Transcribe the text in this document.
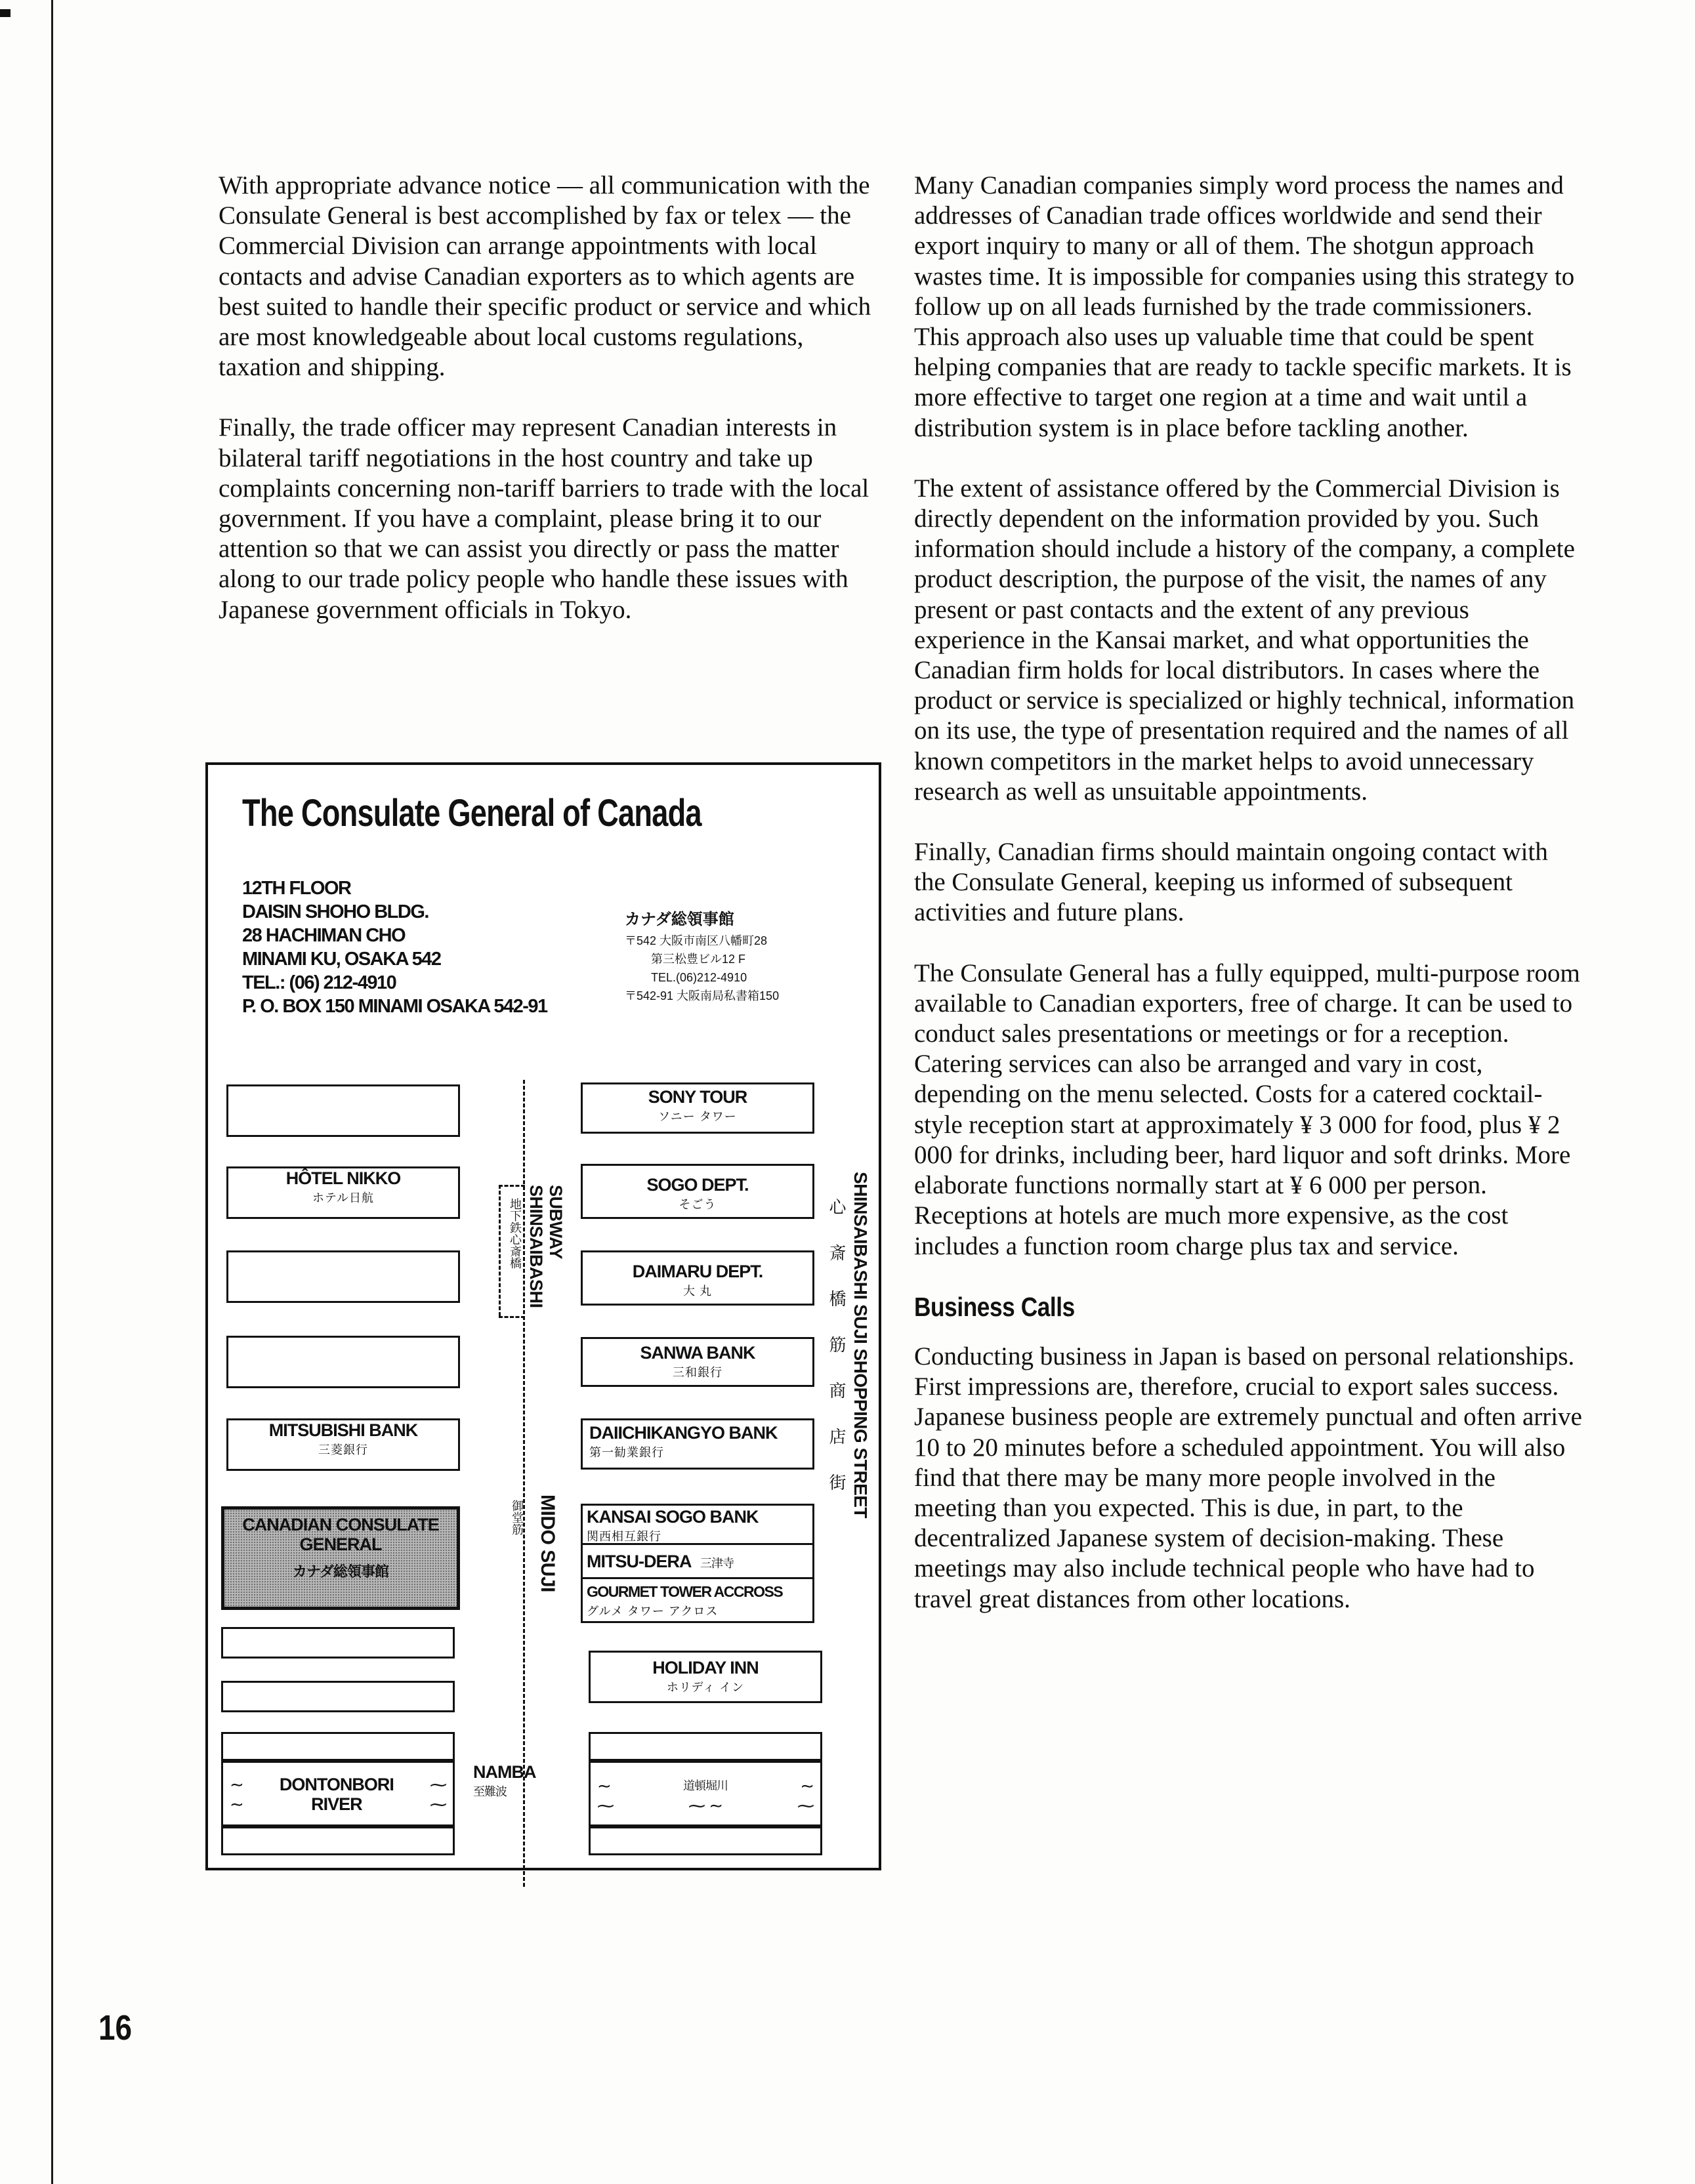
With appropriate advance notice — all communication with the Consulate General is best accomplished by fax or telex — the Commercial Division can arrange appointments with local contacts and advise Canadian exporters as to which agents are best suited to handle their specific product or service and which are most knowledgeable about local customs regulations, taxation and shipping.

Finally, the trade officer may represent Canadian interests in bilateral tariff negotiations in the host country and take up complaints concerning non-tariff barriers to trade with the local government. If you have a complaint, please bring it to our attention so that we can assist you directly or pass the matter along to our trade policy people who handle these issues with Japanese government officials in Tokyo.

The Consulate General of Canada
12TH FLOOR
DAISIN SHOHO BLDG.
28 HACHIMAN CHO
MINAMI KU, OSAKA 542
TEL.: (06) 212-4910
P. O. BOX 150 MINAMI OSAKA 542-91
カナダ総領事館
〒542 大阪市南区八幡町28
第三松豊ビル12 F
TEL.(06)212-4910
〒542-91 大阪南局私書箱150
HÔTEL NIKKO
ホテル日航
MITSUBISHI BANK
三菱銀行
CANADIAN CONSULATE
GENERAL
カナダ総領事館
∼ DONTONBORI ⁓
∼	RIVER	⁓
SUBWAY
SHINSAIBASHI
地下鉄心斎橋
MIDO SUJI
御堂筋
NAMBA
至難波
SONY TOUR
ソニー タワー
SOGO DEPT.
そごう
DAIMARU DEPT.
大 丸
SANWA BANK
三和銀行
DAIICHIKANGYO BANK
第一勧業銀行
KANSAI SOGO BANK
関西相互銀行
MITSU-DERA 三津寺
GOURMET TOWER ACCROSS
グルメ タワー アクロス
HOLIDAY INN
ホリディ イン
∼	道頓堀川	∼
⁓	⁓ ∼	⁓
SHINSAIBASHI SUJI SHOPPING STREET
心斎橋筋商店街

Many Canadian companies simply word process the names and addresses of Canadian trade offices worldwide and send their export inquiry to many or all of them. The shotgun approach wastes time. It is impossible for companies using this strategy to follow up on all leads furnished by the trade commissioners. This approach also uses up valuable time that could be spent helping companies that are ready to tackle specific markets. It is more effective to target one region at a time and wait until a distribution system is in place before tackling another.

The extent of assistance offered by the Commercial Division is directly dependent on the information provided by you. Such information should include a history of the company, a complete product description, the purpose of the visit, the names of any present or past contacts and the extent of any previous experience in the Kansai market, and what opportunities the Canadian firm holds for local distributors. In cases where the product or service is specialized or highly technical, information on its use, the type of presentation required and the names of all known competitors in the market helps to avoid unnecessary research as well as unsuitable appointments.

Finally, Canadian firms should maintain ongoing contact with the Consulate General, keeping us informed of subsequent activities and future plans.

The Consulate General has a fully equipped, multi-purpose room available to Canadian exporters, free of charge. It can be used to conduct sales presentations or meetings or for a reception. Catering services can also be arranged and vary in cost, depending on the menu selected. Costs for a catered cocktail-style reception start at approximately ¥ 3 000 for food, plus ¥ 2 000 for drinks, including beer, hard liquor and soft drinks. More elaborate functions normally start at ¥ 6 000 per person. Receptions at hotels are much more expensive, as the cost includes a function room charge plus tax and service.

Business Calls

Conducting business in Japan is based on personal relationships. First impressions are, therefore, crucial to export sales success. Japanese business people are extremely punctual and often arrive 10 to 20 minutes before a scheduled appointment. You will also find that there may be many more people involved in the meeting than you expected. This is due, in part, to the decentralized Japanese system of decision-making. These meetings may also include technical people who have had to travel great distances from other locations.

16
